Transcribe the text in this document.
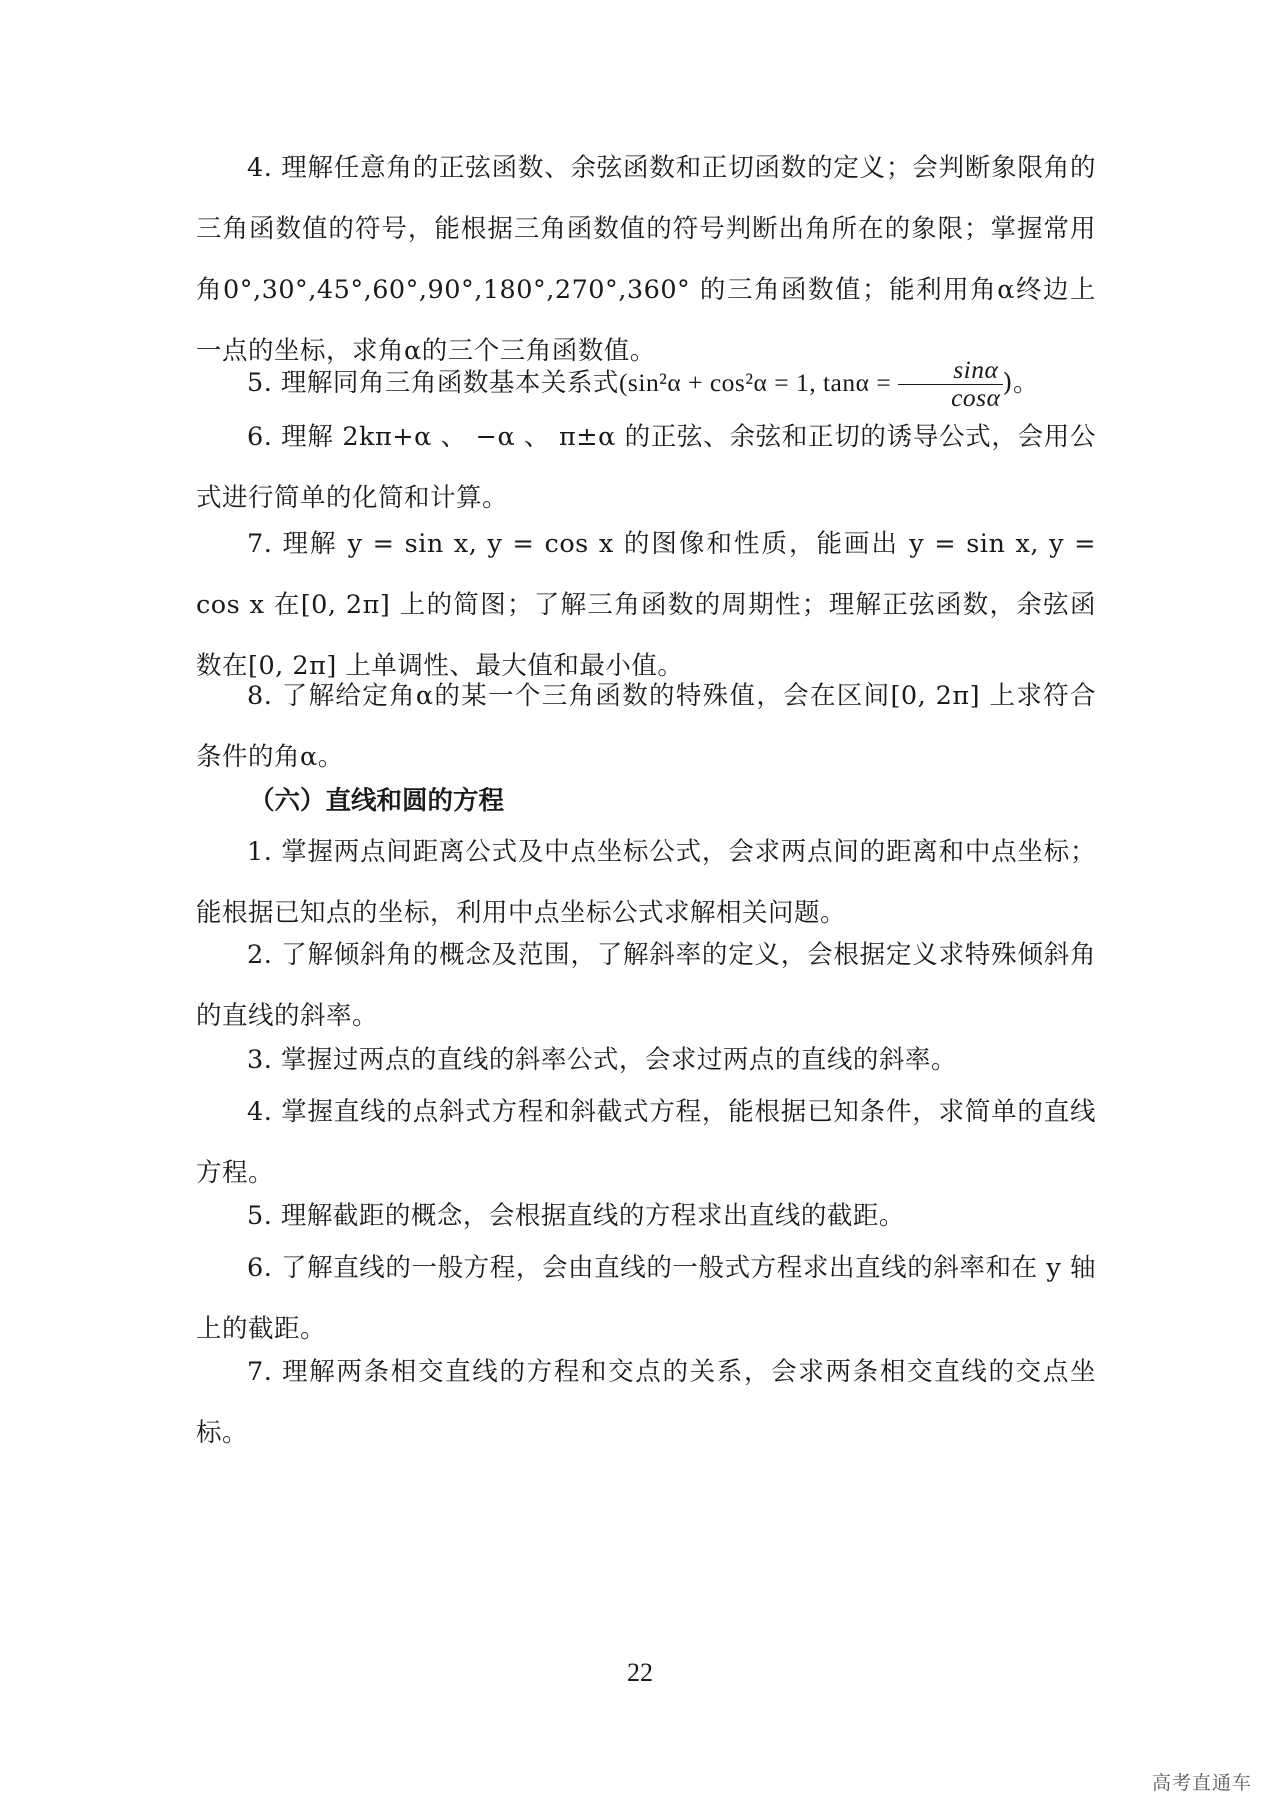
4. 理解任意角的正弦函数、余弦函数和正切函数的定义；会判断象限角的三角函数值的符号，能根据三角函数值的符号判断出角所在的象限；掌握常用角0°,30°,45°,60°,90°,180°,270°,360° 的三角函数值；能利用角α终边上一点的坐标，求角α的三个三角函数值。
5. 理解同角三角函数基本关系式(sin²α + cos²α = 1, $\tan\alpha = \frac{\sin\alpha}{\cos\alpha}$ )。
6. 理解 2kπ+α 、 −α 、 π±α 的正弦、余弦和正切的诱导公式，会用公式进行简单的化简和计算。
7. 理解 y = sin x, y = cos x 的图像和性质，能画出 y = sin x, y = cos x 在[0, 2π] 上的简图；了解三角函数的周期性；理解正弦函数，余弦函数在[0, 2π] 上单调性、最大值和最小值。
8. 了解给定角α的某一个三角函数的特殊值，会在区间[0, 2π] 上求符合条件的角α。
（六）直线和圆的方程
1. 掌握两点间距离公式及中点坐标公式，会求两点间的距离和中点坐标；能根据已知点的坐标，利用中点坐标公式求解相关问题。
2. 了解倾斜角的概念及范围，了解斜率的定义，会根据定义求特殊倾斜角的直线的斜率。
3. 掌握过两点的直线的斜率公式，会求过两点的直线的斜率。
4. 掌握直线的点斜式方程和斜截式方程，能根据已知条件，求简单的直线方程。
5. 理解截距的概念，会根据直线的方程求出直线的截距。
6. 了解直线的一般方程，会由直线的一般式方程求出直线的斜率和在 y 轴上的截距。
7. 理解两条相交直线的方程和交点的关系，会求两条相交直线的交点坐标。
22
高考直通车
